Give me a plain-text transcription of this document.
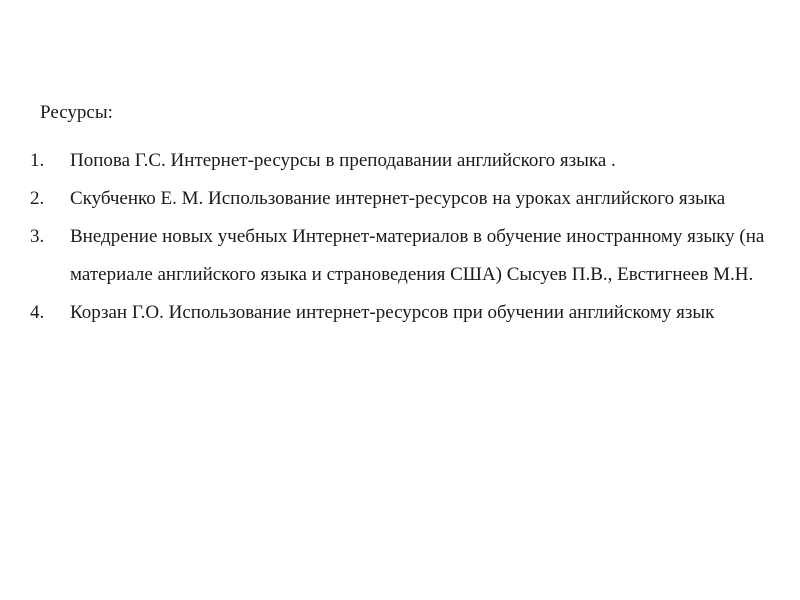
Ресурсы:
1.	Попова Г.С. Интернет-ресурсы в преподавании английского языка .
2.	Скубченко Е. М. Использование интернет-ресурсов на уроках английского языка
3.	Внедрение новых учебных Интернет-материалов в обучение иностранному языку (на материале английского языка и страноведения США) Сысуев П.В., Евстигнеев М.Н.
4.	Корзан Г.О. Использование интернет-ресурсов при обучении английскому язык
